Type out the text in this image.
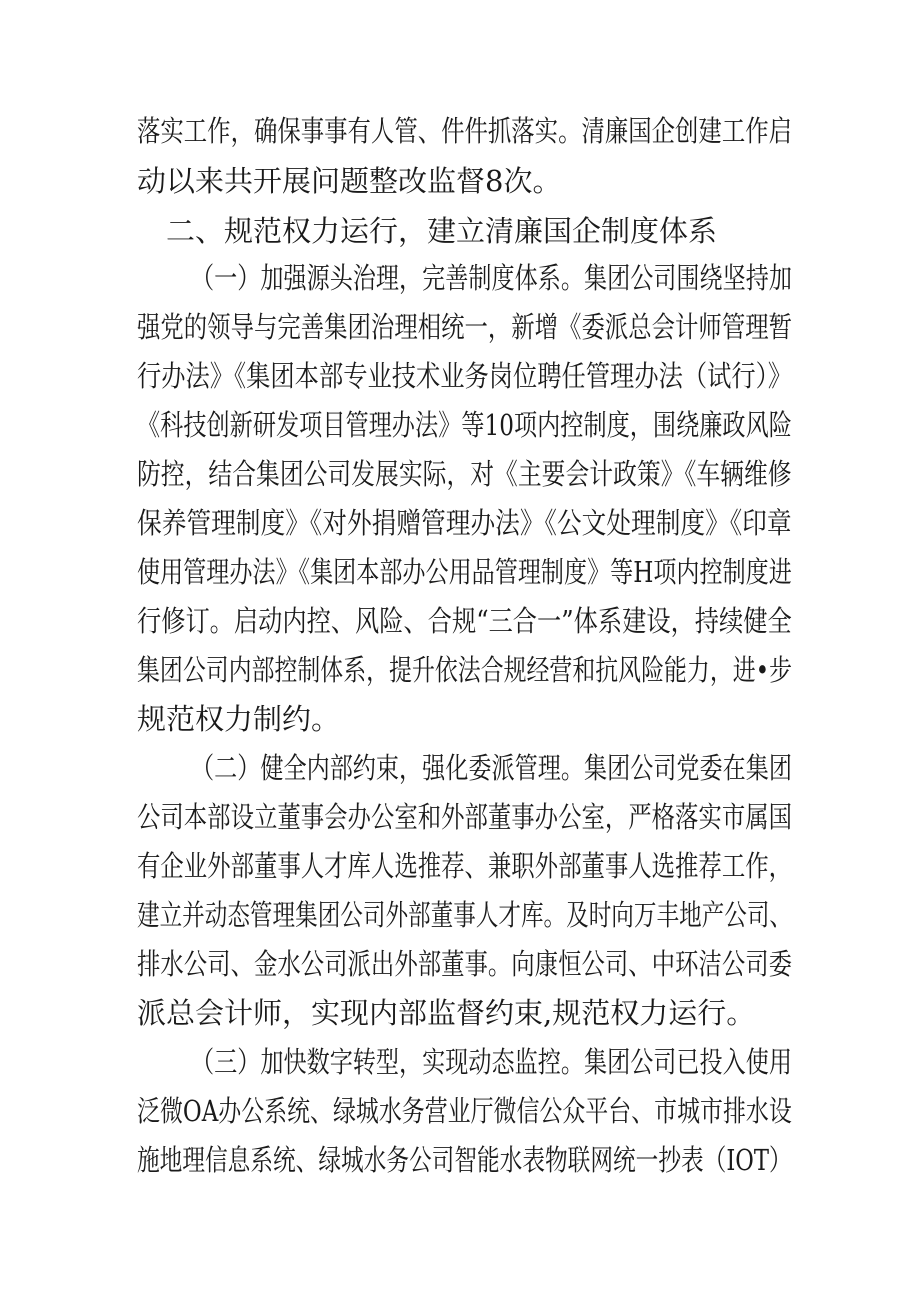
落实工作，确保事事有人管、件件抓落实。清廉国企创建工作启
动以来共开展问题整改监督8次。
二、规范权力运行，建立清廉国企制度体系
（一）加强源头治理，完善制度体系。集团公司围绕坚持加
强党的领导与完善集团治理相统一，新增《委派总会计师管理暂
行办法》《集团本部专业技术业务岗位聘任管理办法（试行）》
《科技创新研发项目管理办法》等10项内控制度，围绕廉政风险
防控，结合集团公司发展实际，对《主要会计政策》《车辆维修
保养管理制度》《对外捐赠管理办法》《公文处理制度》《印章
使用管理办法》《集团本部办公用品管理制度》等H项内控制度进
行修订。启动内控、风险、合规“三合一”体系建设，持续健全
集团公司内部控制体系，提升依法合规经营和抗风险能力，进•步
规范权力制约。
（二）健全内部约束，强化委派管理。集团公司党委在集团
公司本部设立董事会办公室和外部董事办公室，严格落实市属国
有企业外部董事人才库人选推荐、兼职外部董事人选推荐工作，
建立并动态管理集团公司外部董事人才库。及时向万丰地产公司、
排水公司、金水公司派出外部董事。向康恒公司、中环洁公司委
派总会计师，实现内部监督约束,规范权力运行。
（三）加快数字转型，实现动态监控。集团公司已投入使用
泛微OA办公系统、绿城水务营业厅微信公众平台、市城市排水设
施地理信息系统、绿城水务公司智能水表物联网统一抄表（IOT）
